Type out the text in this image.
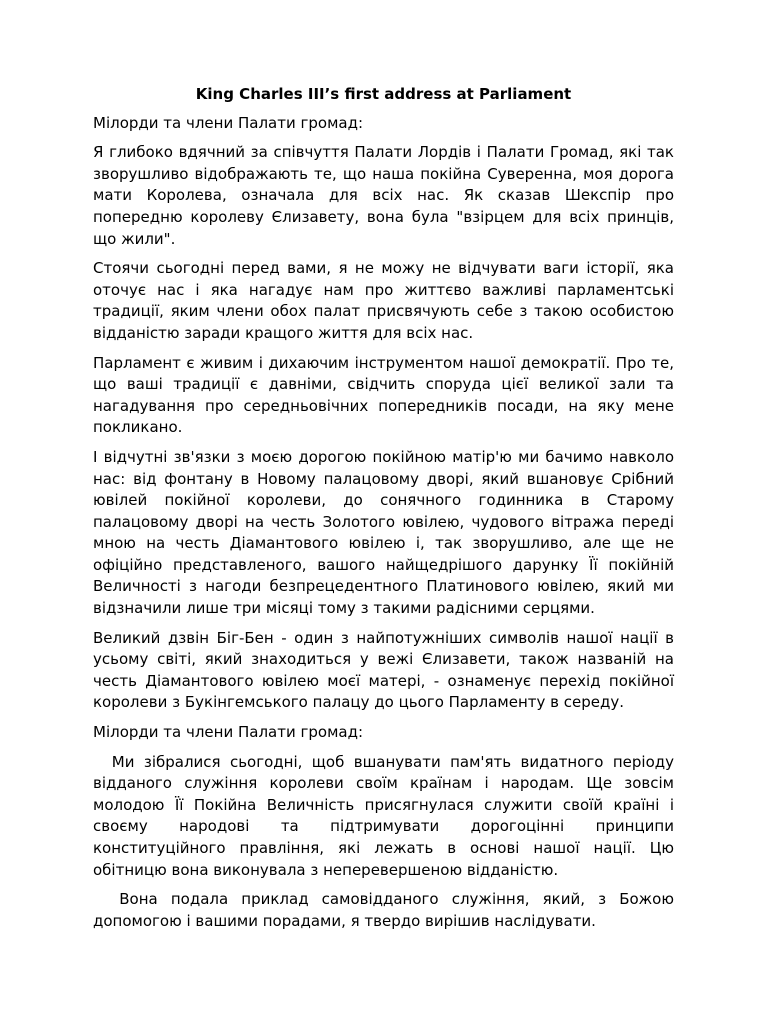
King Charles III’s first address at Parliament
Мілорди та члени Палати громад:
Я глибоко вдячний за співчуття Палати Лордів і Палати Громад, які так зворушливо відображають те, що наша покійна Суверенна, моя дорога мати Королева, означала для всіх нас. Як сказав Шекспір про попередню королеву Єлизавету, вона була "взірцем для всіх принців, що жили".
Стоячи сьогодні перед вами, я не можу не відчувати ваги історії, яка оточує нас і яка нагадує нам про життєво важливі парламентські традиції, яким члени обох палат присвячують себе з такою особистою відданістю заради кращого життя для всіх нас.
Парламент є живим і дихаючим інструментом нашої демократії. Про те, що ваші традиції є давніми, свідчить споруда цієї великої зали та нагадування про середньовічних попередників посади, на яку мене покликано.
І відчутні зв'язки з моєю дорогою покійною матір'ю ми бачимо навколо нас: від фонтану в Новому палацовому дворі, який вшановує Срібний ювілей покійної королеви, до сонячного годинника в Старому палацовому дворі на честь Золотого ювілею, чудового вітража переді мною на честь Діамантового ювілею і, так зворушливо, але ще не офіційно представленого, вашого найщедрішого дарунку Її покійній Величності з нагоди безпрецедентного Платинового ювілею, який ми відзначили лише три місяці тому з такими радісними серцями.
Великий дзвін Біг-Бен - один з найпотужніших символів нашої нації в усьому світі, який знаходиться у вежі Єлизавети, також названій на честь Діамантового ювілею моєї матері, - ознаменує перехід покійної королеви з Букінгемського палацу до цього Парламенту в середу.
Мілорди та члени Палати громад:
Ми зібралися сьогодні, щоб вшанувати пам'ять видатного періоду відданого служіння королеви своїм країнам і народам. Ще зовсім молодою Її Покійна Величність присягнулася служити своїй країні і своєму народові та підтримувати дорогоцінні принципи конституційного правління, які лежать в основі нашої нації. Цю обітницю вона виконувала з неперевершеною відданістю.
Вона подала приклад самовідданого служіння, який, з Божою допомогою і вашими порадами, я твердо вирішив наслідувати.
